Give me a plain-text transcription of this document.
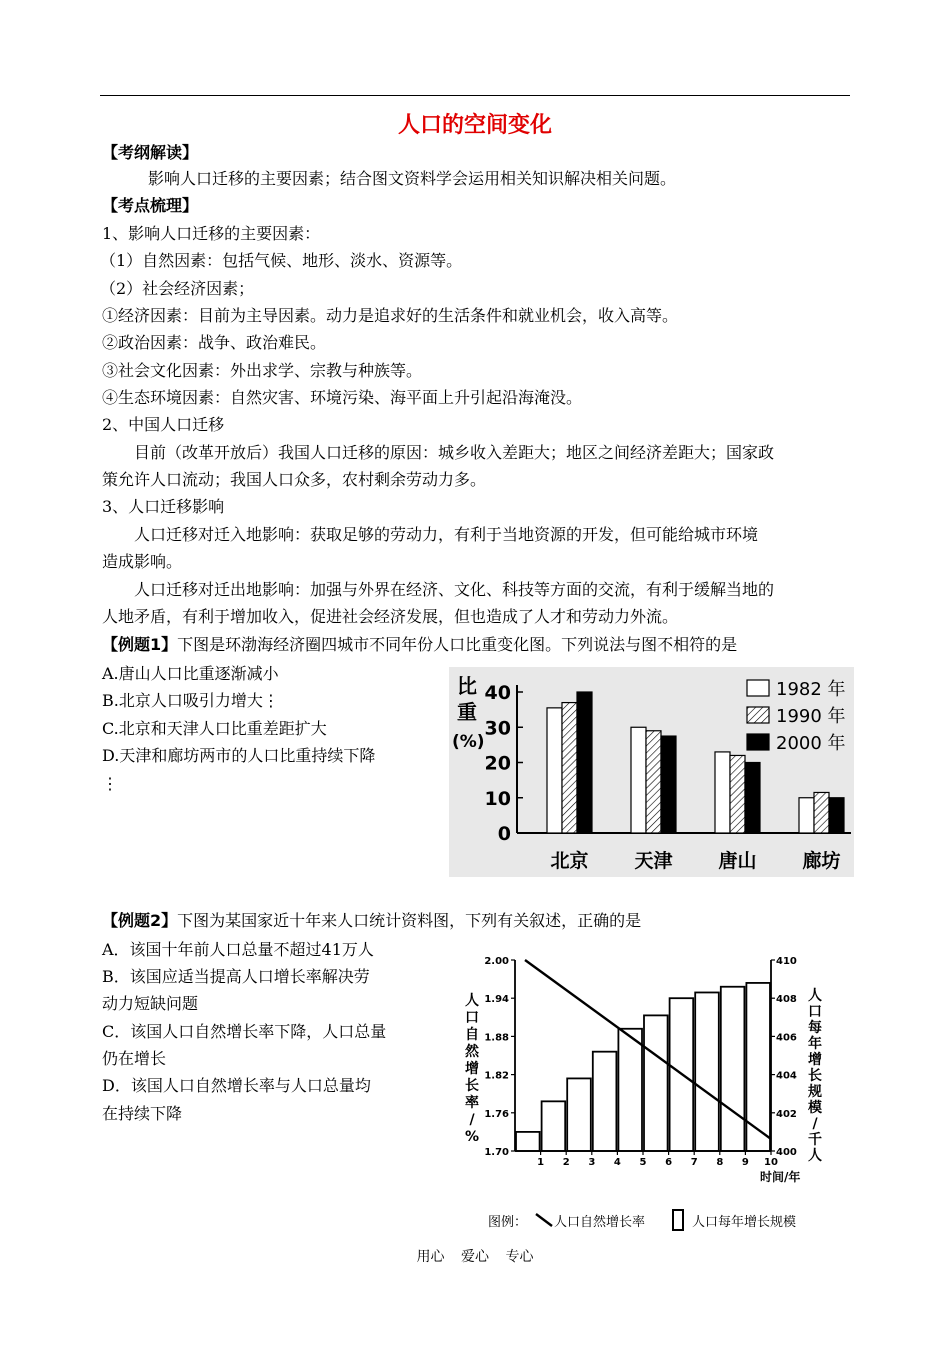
人口的空间变化
【考纲解读】
影响人口迁移的主要因素；结合图文资料学会运用相关知识解决相关问题。
【考点梳理】
1、影响人口迁移的主要因素：
（1）自然因素：包括气候、地形、淡水、资源等。
（2）社会经济因素；
①经济因素：目前为主导因素。动力是追求好的生活条件和就业机会，收入高等。
②政治因素：战争、政治难民。
③社会文化因素：外出求学、宗教与种族等。
④生态环境因素：自然灾害、环境污染、海平面上升引起沿海淹没。
2、中国人口迁移
目前（改革开放后）我国人口迁移的原因：城乡收入差距大；地区之间经济差距大；国家政
策允许人口流动；我国人口众多，农村剩余劳动力多。
3、人口迁移影响
人口迁移对迁入地影响：获取足够的劳动力，有利于当地资源的开发，但可能给城市环境
造成影响。
人口迁移对迁出地影响：加强与外界在经济、文化、科技等方面的交流，有利于缓解当地的
人地矛盾，有利于增加收入，促进社会经济发展，但也造成了人才和劳动力外流。
【例题1】下图是环渤海经济圈四城市不同年份人口比重变化图。下列说法与图不相符的是
A.唐山人口比重逐渐减小
B.北京人口吸引力增大⋮
C.北京和天津人口比重差距扩大
D.天津和廊坊两市的人口比重持续下降
⋮
0
10
20
30
40
比
重
(%)
北京 天津 唐山 廊坊
1982 年
1990 年
2000 年
【例题2】下图为某国家近十年来人口统计资料图，下列有关叙述，正确的是
A．该国十年前人口总量不超过41万人
B．该国应适当提高人口增长率解决劳
动力短缺问题
C．该国人口自然增长率下降，人口总量
仍在增长
D．该国人口自然增长率与人口总量均
在持续下降
1.70
1.76
1.82
1.88
1.94
2.00
400
402
404
406
408
410
1 2 3 4 5 6 7 8 9 10
时间/年
人
口
自
然
增
长
率
/
%
人
口
每
年
增
长
规
模
/
千
人
图例： 人口自然增长率	人口每年增长规模
用心 爱心 专心
